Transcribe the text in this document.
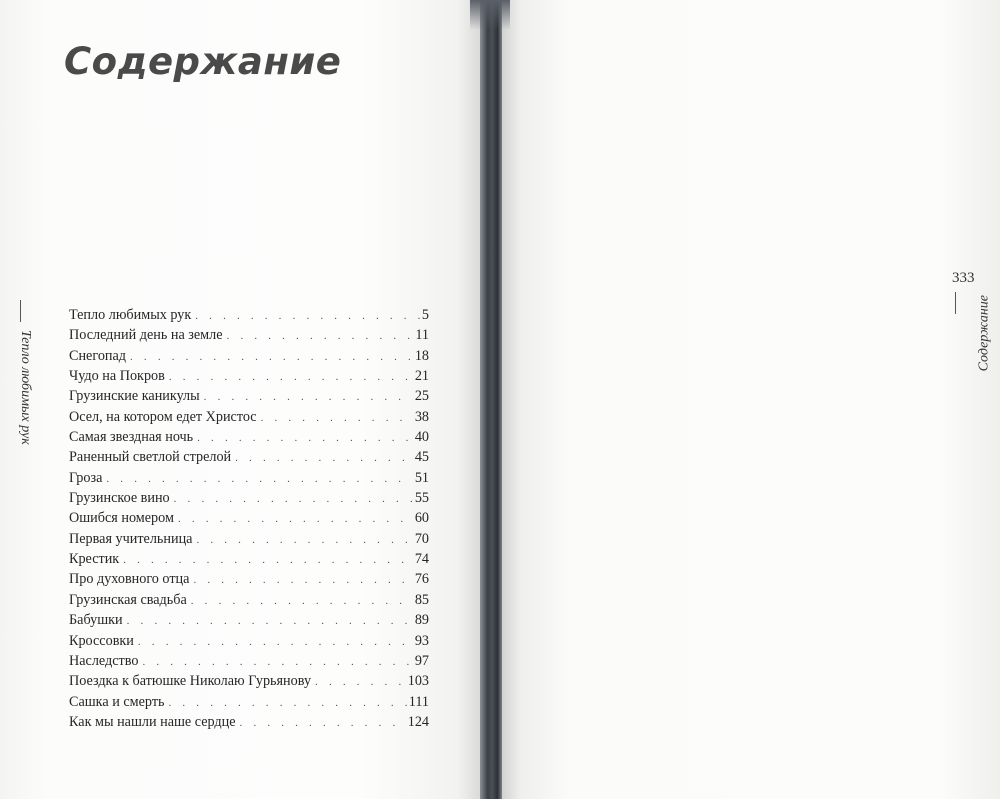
Содержание
Тепло любимых рук
Тепло любимых рук . . .	5
Последний день на земле . . .	11
Снегопад . . .	18
Чудо на Покров . . .	21
Грузинские каникулы . . .	25
Осел, на котором едет Христос . . .	38
Самая звездная ночь . . .	40
Раненный светлой стрелой . . .	45
Гроза . . .	51
Грузинское вино . . .	55
Ошибся номером . . .	60
Первая учительница . . .	70
Крестик . . .	74
Про духовного отца . . .	76
Грузинская свадьба . . .	85
Бабушки . . .	89
Кроссовки . . .	93
Наследство . . .	97
Поездка к батюшке Николаю Гурьянову . . .	103
Сашка и смерть . . .	111
Как мы нашли наше сердце . . .	124
333
Содержание
